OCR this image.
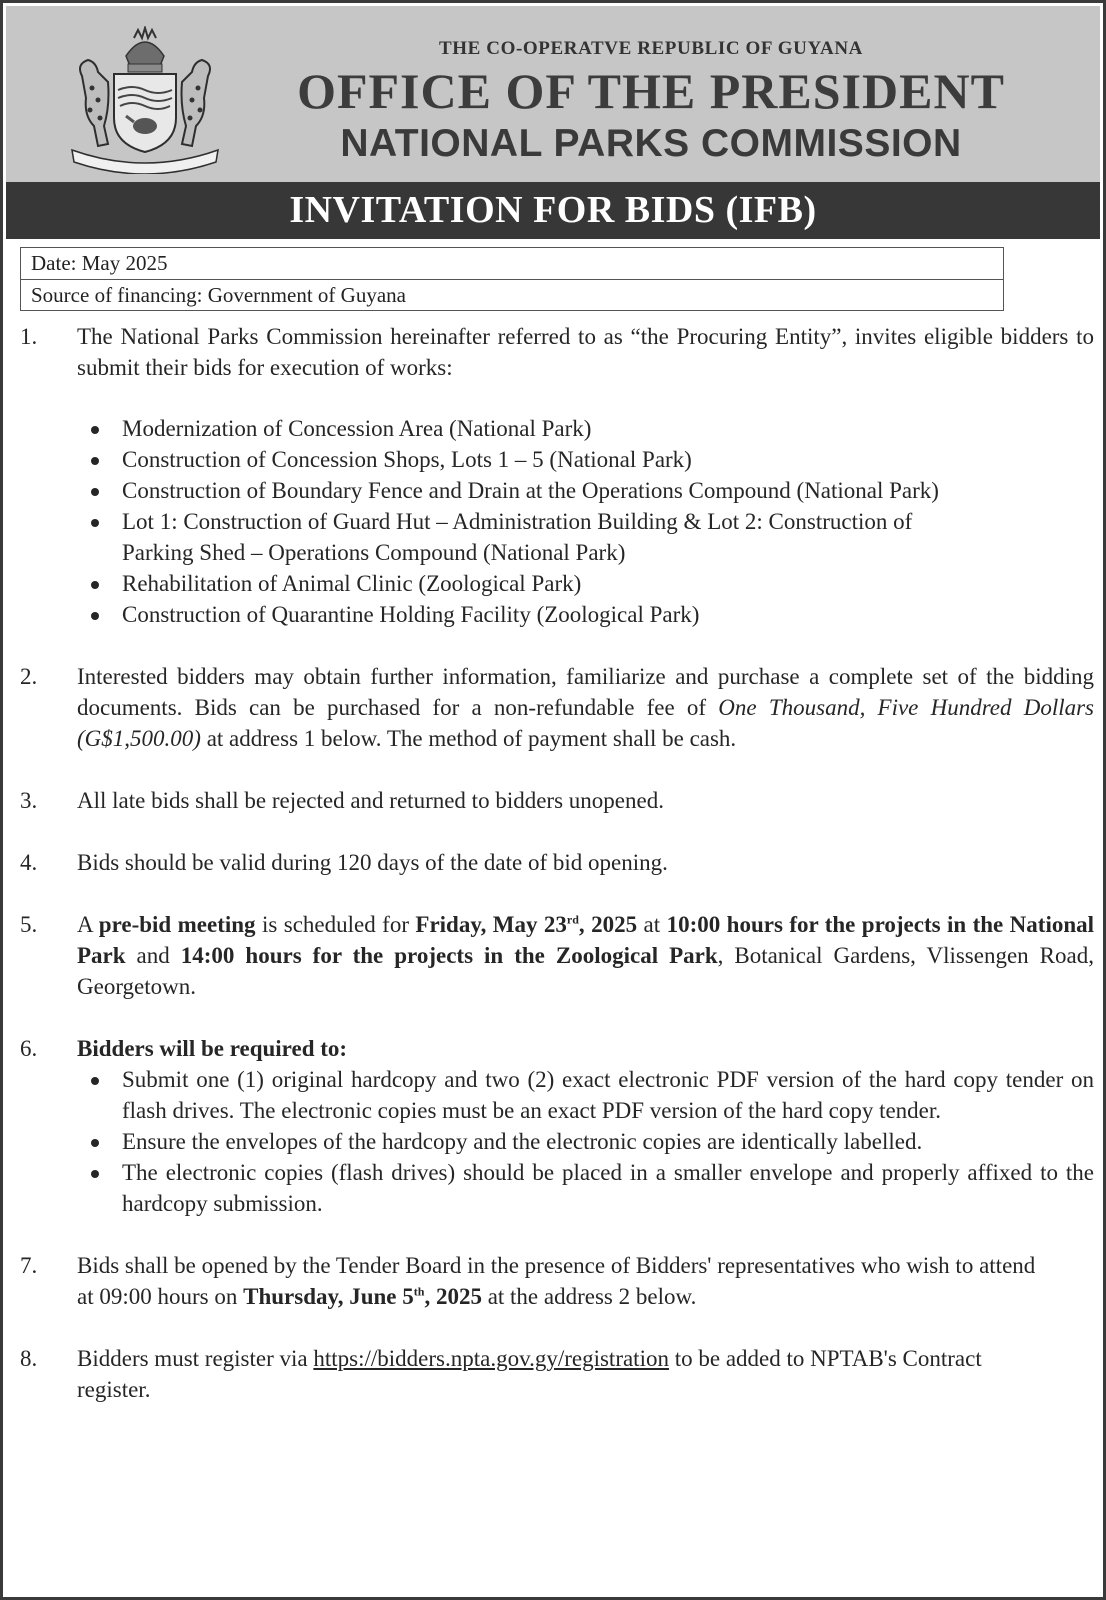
THE CO-OPERATVE REPUBLIC OF GUYANA
OFFICE OF THE PRESIDENT
NATIONAL PARKS COMMISSION
INVITATION FOR BIDS (IFB)
Date: May 2025
Source of financing: Government of Guyana
1.	The National Parks Commission hereinafter referred to as “the Procuring Entity”, invites eligible bidders to submit their bids for execution of works:
Modernization of Concession Area (National Park)
Construction of Concession Shops, Lots 1 – 5 (National Park)
Construction of Boundary Fence and Drain at the Operations Compound (National Park)
Lot 1: Construction of Guard Hut – Administration Building & Lot 2: Construction of Parking Shed – Operations Compound (National Park)
Rehabilitation of Animal Clinic (Zoological Park)
Construction of Quarantine Holding Facility (Zoological Park)
2.	Interested bidders may obtain further information, familiarize and purchase a complete set of the bidding documents. Bids can be purchased for a non-refundable fee of One Thousand, Five Hundred Dollars (G$1,500.00) at address 1 below. The method of payment shall be cash.
3.	All late bids shall be rejected and returned to bidders unopened.
4.	Bids should be valid during 120 days of the date of bid opening.
5.	A pre-bid meeting is scheduled for Friday, May 23rd, 2025 at 10:00 hours for the projects in the National Park and 14:00 hours for the projects in the Zoological Park, Botanical Gardens, Vlissengen Road, Georgetown.
6.	Bidders will be required to:
Submit one (1) original hardcopy and two (2) exact electronic PDF version of the hard copy tender on flash drives. The electronic copies must be an exact PDF version of the hard copy tender.
Ensure the envelopes of the hardcopy and the electronic copies are identically labelled.
The electronic copies (flash drives) should be placed in a smaller envelope and properly affixed to the hardcopy submission.
7.	Bids shall be opened by the Tender Board in the presence of Bidders' representatives who wish to attend at 09:00 hours on Thursday, June 5th, 2025 at the address 2 below.
8.	Bidders must register via https://bidders.npta.gov.gy/registration to be added to NPTAB's Contract register.
